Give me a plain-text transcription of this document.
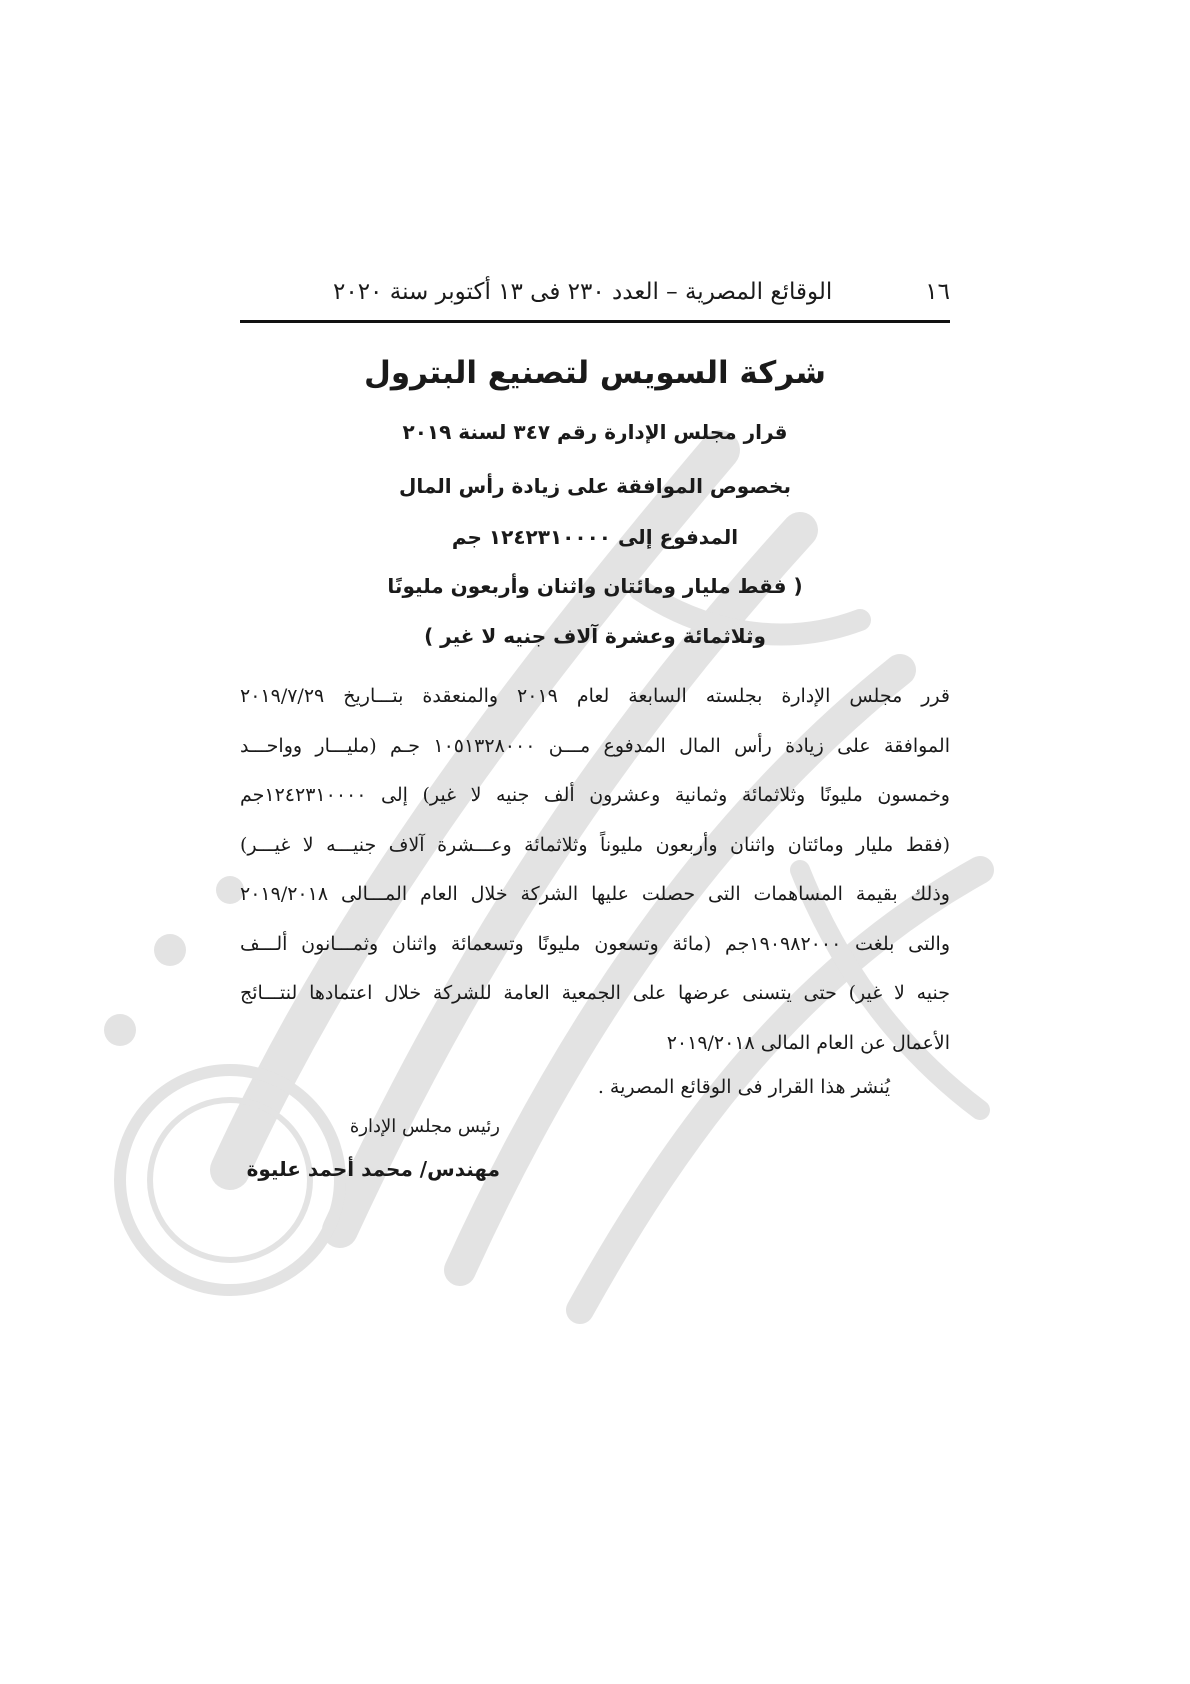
١٦
الوقائع المصرية – العدد ٢٣٠ فى ١٣ أكتوبر سنة ٢٠٢٠
شركة السويس لتصنيع البترول
قرار مجلس الإدارة رقم ٣٤٧ لسنة ٢٠١٩
بخصوص الموافقة على زيادة رأس المال
المدفوع إلى ١٢٤٢٣١٠٠٠٠ جم
( فقط مليار ومائتان واثنان وأربعون مليونًا
وثلاثمائة وعشرة آلاف جنيه لا غير )
قرر مجلس الإدارة بجلسته السابعة لعام ٢٠١٩ والمنعقدة بتـــاريخ ٢٠١٩/٧/٢٩
الموافقة على زيادة رأس المال المدفوع مـــن ١٠٥١٣٢٨٠٠٠ جـم (مليـــار وواحـــد
وخمسون مليونًا وثلاثمائة وثمانية وعشرون ألف جنيه لا غير) إلى ١٢٤٢٣١٠٠٠٠جم
(فقط مليار ومائتان واثنان وأربعون مليوناً وثلاثمائة وعـــشرة آلاف جنيـــه لا غيـــر)
وذلك بقيمة المساهمات التى حصلت عليها الشركة خلال العام المـــالى ٢٠١٩/٢٠١٨
والتى بلغت ١٩٠٩٨٢٠٠٠جم (مائة وتسعون مليونًا وتسعمائة واثنان وثمـــانون ألـــف
جنيه لا غير) حتى يتسنى عرضها على الجمعية العامة للشركة خلال اعتمادها لنتـــائج
الأعمال عن العام المالى ٢٠١٩/٢٠١٨
يُنشر هذا القرار فى الوقائع المصرية .
رئيس مجلس الإدارة
مهندس/ محمد أحمد عليوة
